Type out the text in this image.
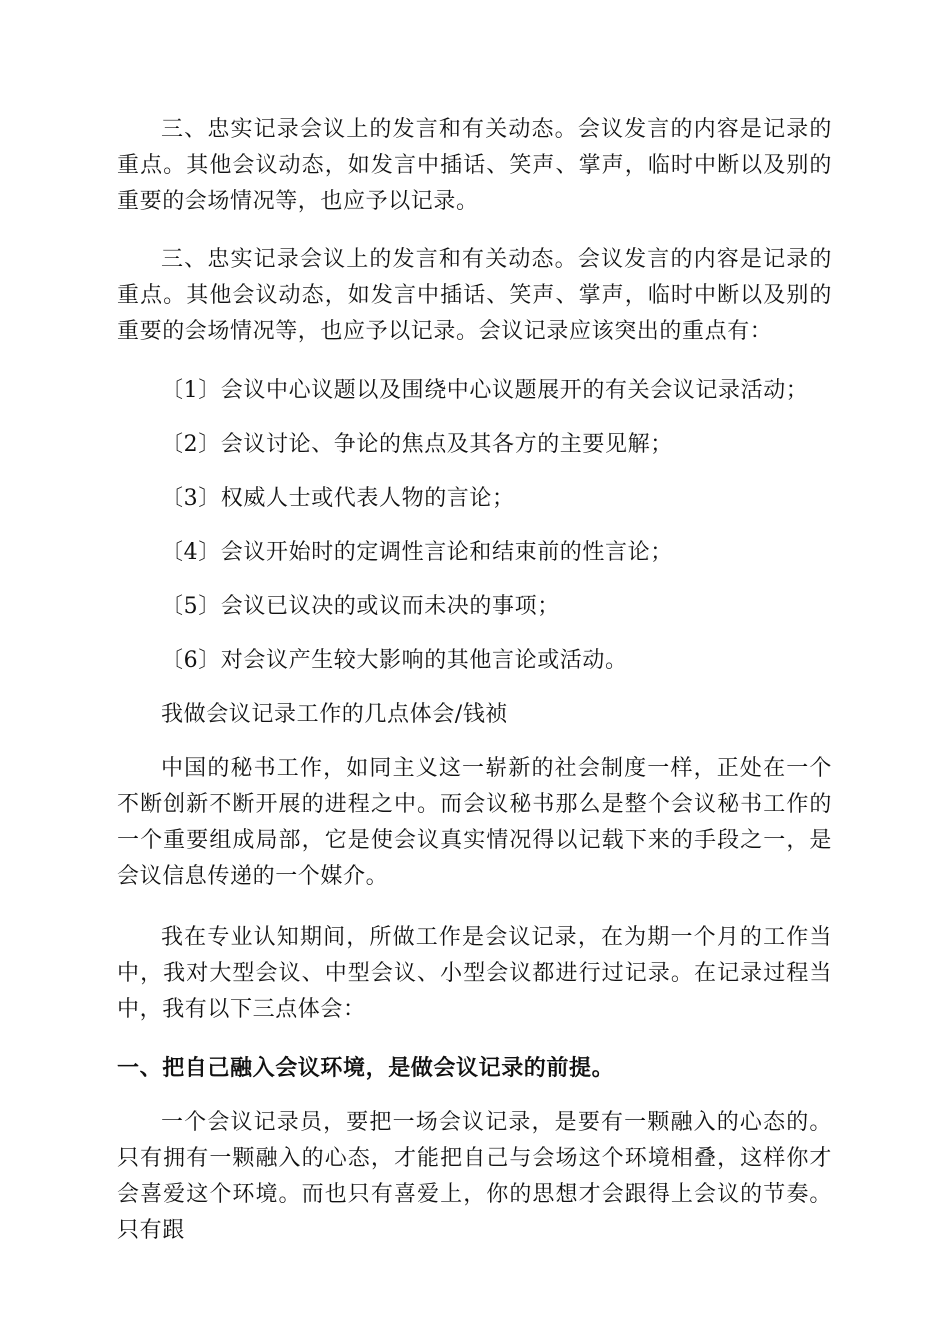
三、忠实记录会议上的发言和有关动态。会议发言的内容是记录的重点。其他会议动态，如发言中插话、笑声、掌声，临时中断以及别的重要的会场情况等，也应予以记录。

三、忠实记录会议上的发言和有关动态。会议发言的内容是记录的重点。其他会议动态，如发言中插话、笑声、掌声，临时中断以及别的重要的会场情况等，也应予以记录。会议记录应该突出的重点有：

〔1〕会议中心议题以及围绕中心议题展开的有关会议记录活动；

〔2〕会议讨论、争论的焦点及其各方的主要见解；

〔3〕权威人士或代表人物的言论；

〔4〕会议开始时的定调性言论和结束前的性言论；

〔5〕会议已议决的或议而未决的事项；

〔6〕对会议产生较大影响的其他言论或活动。

我做会议记录工作的几点体会/钱祯

中国的秘书工作，如同主义这一崭新的社会制度一样，正处在一个不断创新不断开展的进程之中。而会议秘书那么是整个会议秘书工作的一个重要组成局部，它是使会议真实情况得以记载下来的手段之一，是会议信息传递的一个媒介。

我在专业认知期间，所做工作是会议记录，在为期一个月的工作当中，我对大型会议、中型会议、小型会议都进行过记录。在记录过程当中，我有以下三点体会：

一、把自己融入会议环境，是做会议记录的前提。

一个会议记录员，要把一场会议记录，是要有一颗融入的心态的。只有拥有一颗融入的心态，才能把自己与会场这个环境相叠，这样你才会喜爱这个环境。而也只有喜爱上，你的思想才会跟得上会议的节奏。只有跟
